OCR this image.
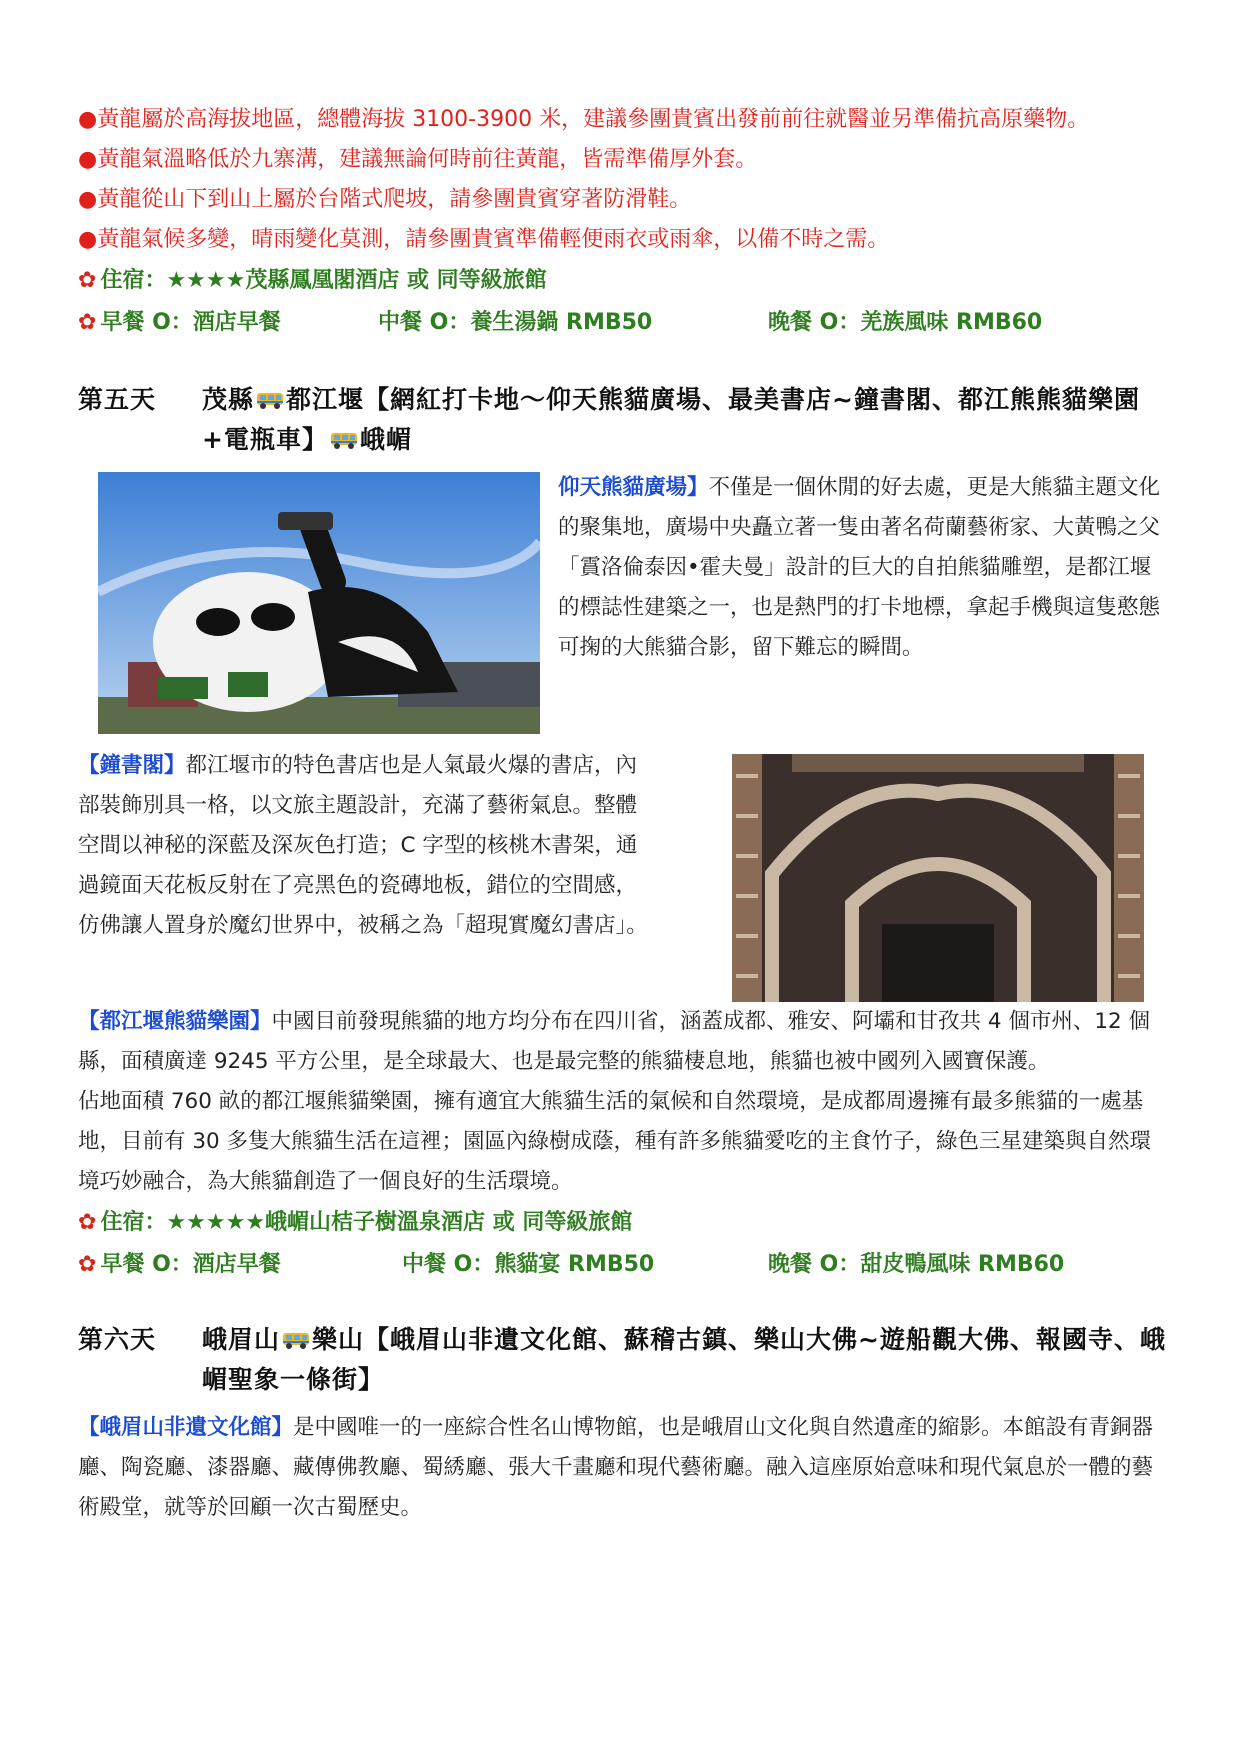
●黃龍屬於高海拔地區，總體海拔 3100-3900 米，建議參團貴賓出發前前往就醫並另準備抗高原藥物。
●黃龍氣溫略低於九寨溝，建議無論何時前往黃龍，皆需準備厚外套。
●黃龍從山下到山上屬於台階式爬坡，請參團貴賓穿著防滑鞋。
●黃龍氣候多變，晴雨變化莫測，請參團貴賓準備輕便雨衣或雨傘，以備不時之需。
✿ 住宿：★★★★茂縣鳳凰閣酒店 或 同等級旅館
✿ 早餐 O：酒店早餐	中餐 O：養生湯鍋 RMB50	晚餐 O：羌族風味 RMB60
第五天 茂縣 都江堰【網紅打卡地～仰天熊貓廣場、最美書店~鐘書閣、都江熊熊貓樂園+電瓶車】 峨嵋
仰天熊貓廣場】不僅是一個休閒的好去處，更是大熊貓主題文化的聚集地，廣場中央矗立著一隻由著名荷蘭藝術家、大黃鴨之父「霣洛倫泰因•霍夫曼」設計的巨大的自拍熊貓雕塑，是都江堰的標誌性建築之一，也是熱門的打卡地標，拿起手機與這隻憨態可掬的大熊貓合影，留下難忘的瞬間。
【鐘書閣】都江堰市的特色書店也是人氣最火爆的書店，內部裝飾別具一格，以文旅主題設計，充滿了藝術氣息。整體空間以神秘的深藍及深灰色打造；C 字型的核桃木書架，通過鏡面天花板反射在了亮黑色的瓷磚地板，錯位的空間感，仿佛讓人置身於魔幻世界中，被稱之為「超現實魔幻書店」。
【都江堰熊貓樂園】中國目前發現熊貓的地方均分布在四川省，涵蓋成都、雅安、阿壩和甘孜共 4 個市州、12 個縣，面積廣達 9245 平方公里，是全球最大、也是最完整的熊貓棲息地，熊貓也被中國列入國寶保護。
佔地面積 760 畝的都江堰熊貓樂園，擁有適宜大熊貓生活的氣候和自然環境，是成都周邊擁有最多熊貓的一處基地，目前有 30 多隻大熊貓生活在這裡；園區內綠樹成蔭，種有許多熊貓愛吃的主食竹子，綠色三星建築與自然環境巧妙融合，為大熊貓創造了一個良好的生活環境。
✿ 住宿：★★★★★峨嵋山桔子樹溫泉酒店 或 同等級旅館
✿ 早餐 O：酒店早餐	中餐 O：熊貓宴 RMB50	晚餐 O：甜皮鴨風味 RMB60
第六天 峨眉山 樂山【峨眉山非遺文化館、蘇稽古鎮、樂山大佛~遊船觀大佛、報國寺、峨嵋聖象一條街】
【峨眉山非遺文化館】是中國唯一的一座綜合性名山博物館，也是峨眉山文化與自然遺產的縮影。本館設有青銅器廳、陶瓷廳、漆器廳、藏傳佛教廳、蜀綉廳、張大千畫廳和現代藝術廳。融入這座原始意味和現代氣息於一體的藝術殿堂，就等於回顧一次古蜀歷史。
